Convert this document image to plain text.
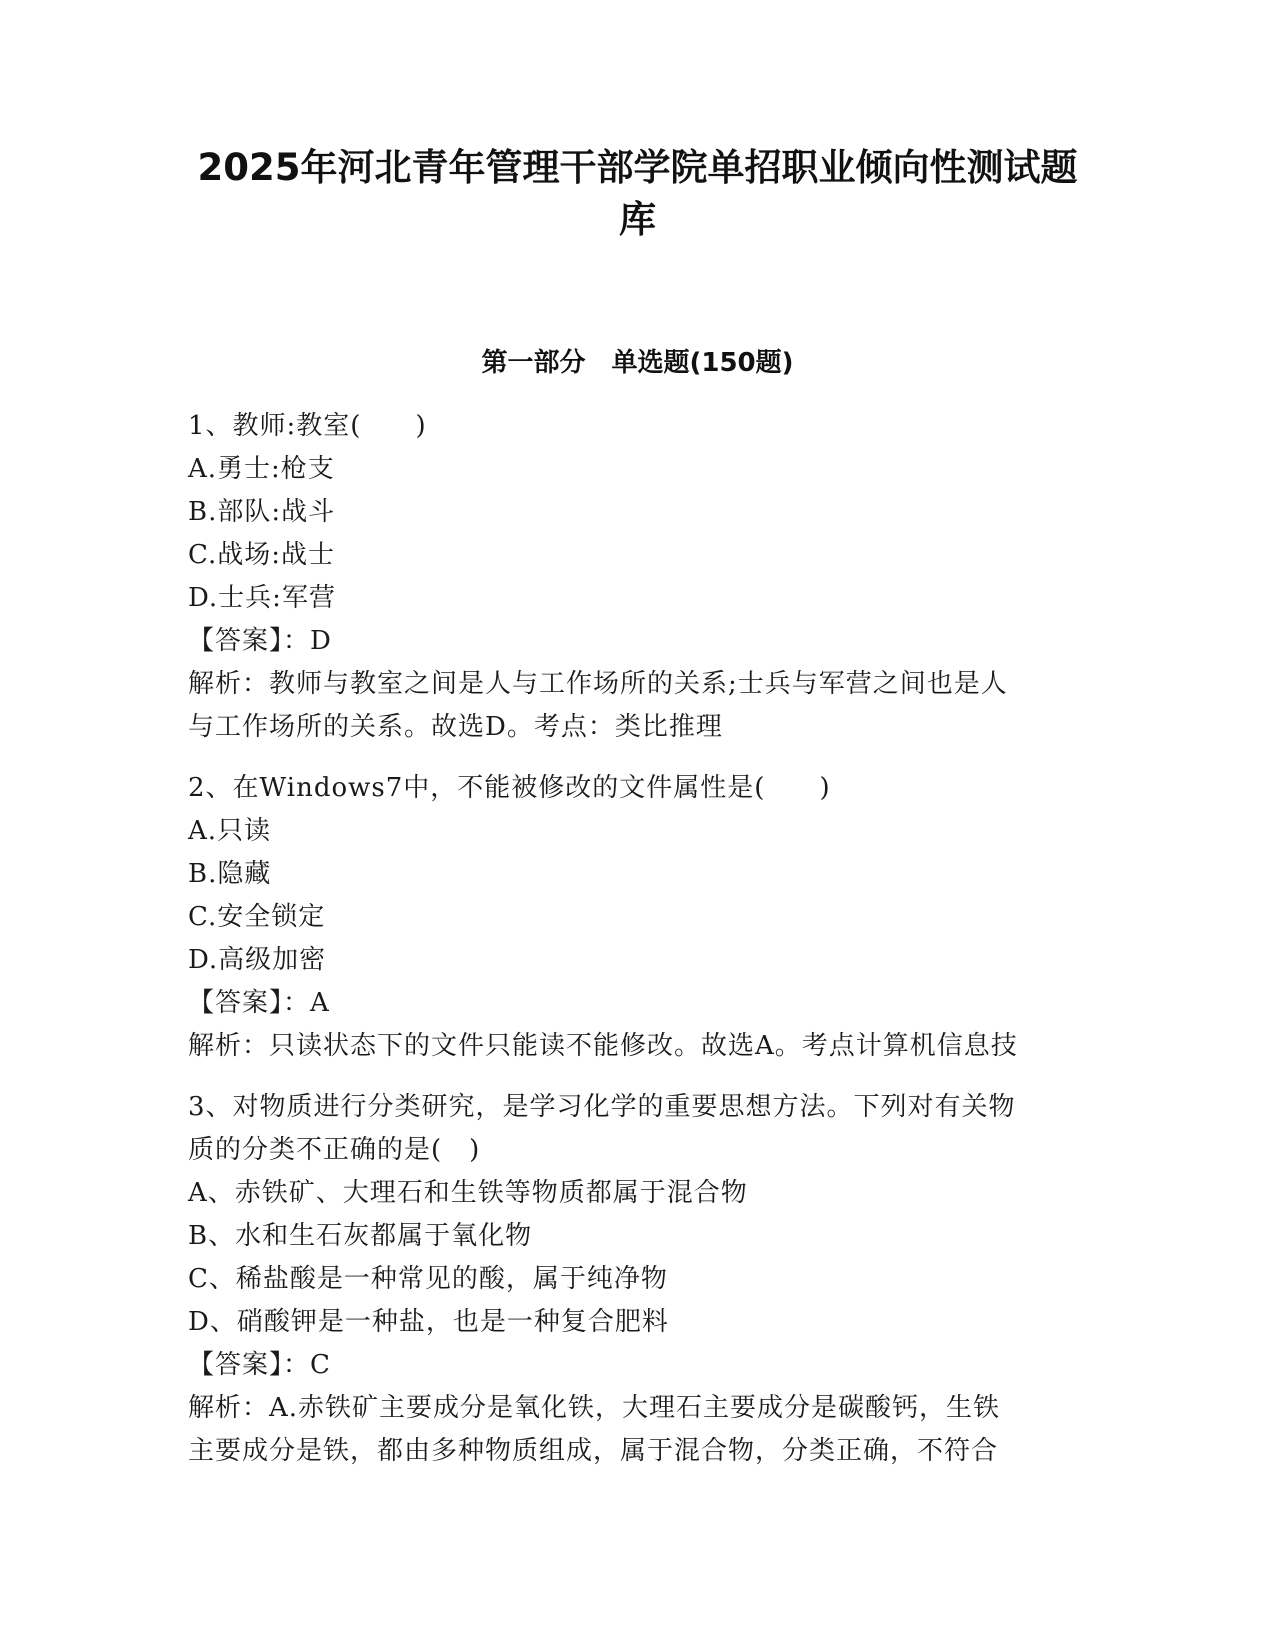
2025年河北青年管理干部学院单招职业倾向性测试题库
第一部分　单选题(150题)
1、教师:教室(　　)
A.勇士:枪支
B.部队:战斗
C.战场:战士
D.士兵:军营
【答案】：D
解析：教师与教室之间是人与工作场所的关系;士兵与军营之间也是人
与工作场所的关系。故选D。考点：类比推理
2、在Windows7中，不能被修改的文件属性是(　　)
A.只读
B.隐藏
C.安全锁定
D.高级加密
【答案】：A
解析：只读状态下的文件只能读不能修改。故选A。考点计算机信息技
3、对物质进行分类研究，是学习化学的重要思想方法。下列对有关物
质的分类不正确的是(　)
A、赤铁矿、大理石和生铁等物质都属于混合物
B、水和生石灰都属于氧化物
C、稀盐酸是一种常见的酸，属于纯净物
D、硝酸钾是一种盐，也是一种复合肥料
【答案】：C
解析：A.赤铁矿主要成分是氧化铁，大理石主要成分是碳酸钙，生铁
主要成分是铁，都由多种物质组成，属于混合物，分类正确，不符合
